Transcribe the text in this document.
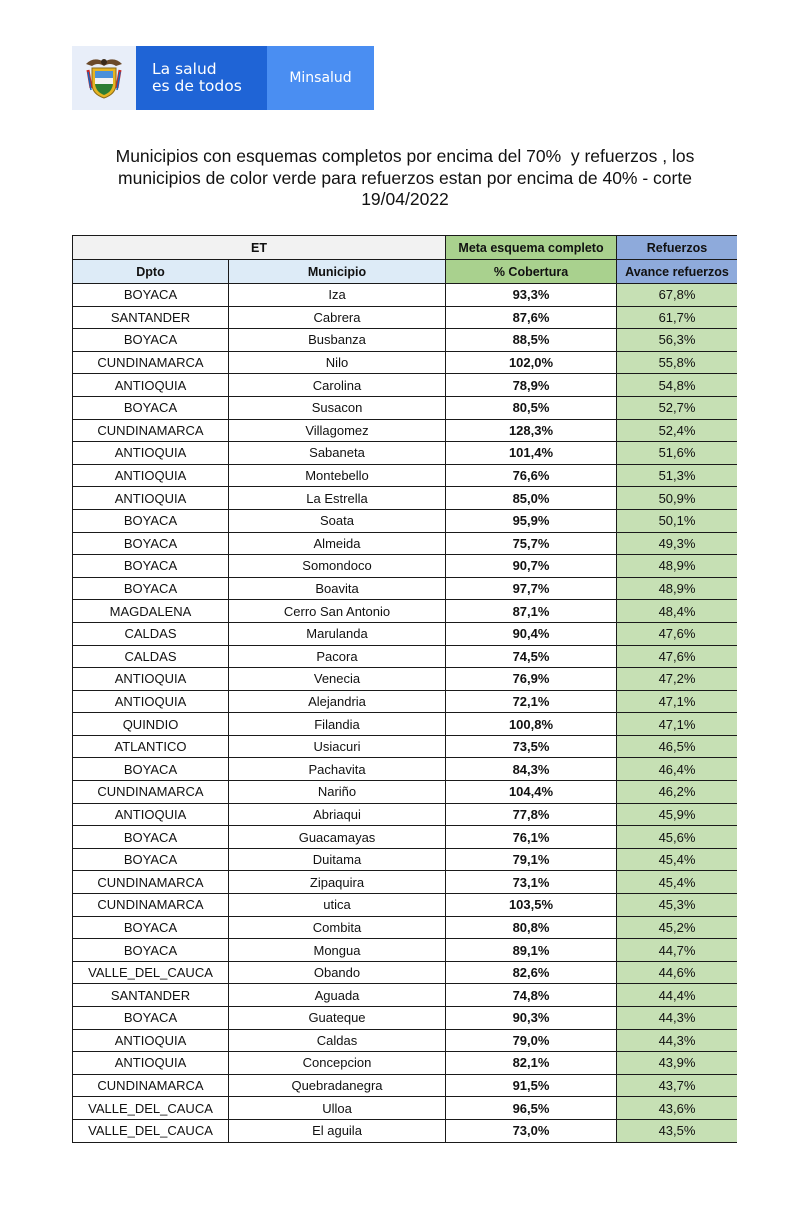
La salud
es de todos	Minsalud
Municipios con esquemas completos por encima del 70%  y refuerzos , los
municipios de color verde para refuerzos estan por encima de 40% - corte
19/04/2022
ET		Meta esquema completo	Refuerzos
Dpto	Municipio	% Cobertura	Avance refuerzos
BOYACA	Iza	93,3%	67,8%
SANTANDER	Cabrera	87,6%	61,7%
BOYACA	Busbanza	88,5%	56,3%
CUNDINAMARCA	Nilo	102,0%	55,8%
ANTIOQUIA	Carolina	78,9%	54,8%
BOYACA	Susacon	80,5%	52,7%
CUNDINAMARCA	Villagomez	128,3%	52,4%
ANTIOQUIA	Sabaneta	101,4%	51,6%
ANTIOQUIA	Montebello	76,6%	51,3%
ANTIOQUIA	La Estrella	85,0%	50,9%
BOYACA	Soata	95,9%	50,1%
BOYACA	Almeida	75,7%	49,3%
BOYACA	Somondoco	90,7%	48,9%
BOYACA	Boavita	97,7%	48,9%
MAGDALENA	Cerro San Antonio	87,1%	48,4%
CALDAS	Marulanda	90,4%	47,6%
CALDAS	Pacora	74,5%	47,6%
ANTIOQUIA	Venecia	76,9%	47,2%
ANTIOQUIA	Alejandria	72,1%	47,1%
QUINDIO	Filandia	100,8%	47,1%
ATLANTICO	Usiacuri	73,5%	46,5%
BOYACA	Pachavita	84,3%	46,4%
CUNDINAMARCA	Nariño	104,4%	46,2%
ANTIOQUIA	Abriaqui	77,8%	45,9%
BOYACA	Guacamayas	76,1%	45,6%
BOYACA	Duitama	79,1%	45,4%
CUNDINAMARCA	Zipaquira	73,1%	45,4%
CUNDINAMARCA	utica	103,5%	45,3%
BOYACA	Combita	80,8%	45,2%
BOYACA	Mongua	89,1%	44,7%
VALLE_DEL_CAUCA	Obando	82,6%	44,6%
SANTANDER	Aguada	74,8%	44,4%
BOYACA	Guateque	90,3%	44,3%
ANTIOQUIA	Caldas	79,0%	44,3%
ANTIOQUIA	Concepcion	82,1%	43,9%
CUNDINAMARCA	Quebradanegra	91,5%	43,7%
VALLE_DEL_CAUCA	Ulloa	96,5%	43,6%
VALLE_DEL_CAUCA	El aguila	73,0%	43,5%
